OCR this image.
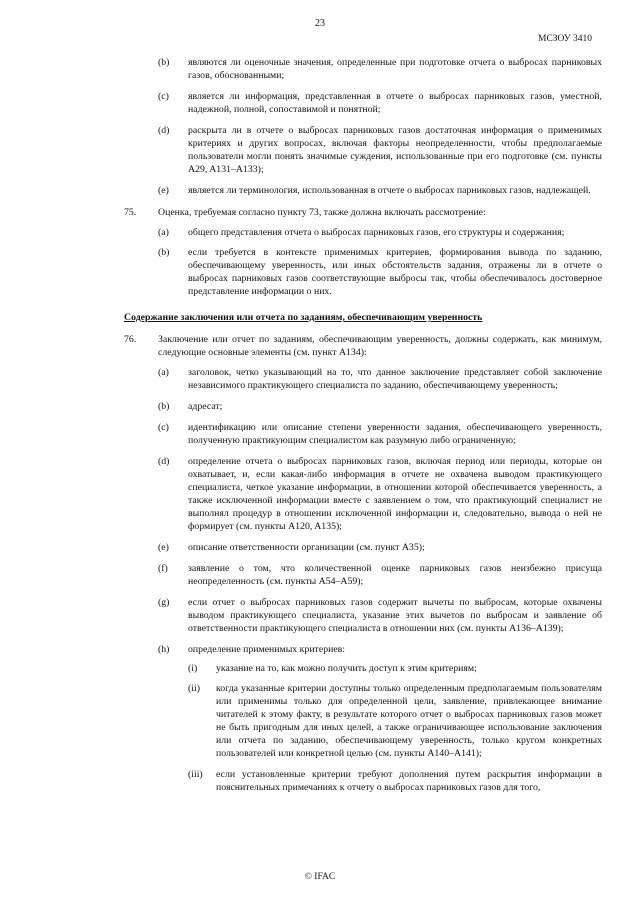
23
МСЗОУ 3410
(b) являются ли оценочные значения, определенные при подготовке отчета о выбросах парниковых газов, обоснованными;
(c) является ли информация, представленная в отчете о выбросах парниковых газов, уместной, надежной, полной, сопоставимой и понятной;
(d) раскрыта ли в отчете о выбросах парниковых газов достаточная информация о применимых критериях и других вопросах, включая факторы неопределенности, чтобы предполагаемые пользователи могли понять значимые суждения, использованные при его подготовке (см. пункты A29, A131–A133);
(e) является ли терминология, использованная в отчете о выбросах парниковых газов, надлежащей.
75. Оценка, требуемая согласно пункту 73, также должна включать рассмотрение:
(a) общего представления отчета о выбросах парниковых газов, его структуры и содержания;
(b) если требуется в контексте применимых критериев, формирования вывода по заданию, обеспечивающему уверенность, или иных обстоятельств задания, отражены ли в отчете о выбросах парниковых газов соответствующие выбросы так, чтобы обеспечивалось достоверное представление информации о них.
Содержание заключения или отчета по заданиям, обеспечивающим уверенность
76. Заключение или отчет по заданиям, обеспечивающим уверенность, должны содержать, как минимум, следующие основные элементы (см. пункт A134):
(a) заголовок, четко указывающий на то, что данное заключение представляет собой заключение независимого практикующего специалиста по заданию, обеспечивающему уверенность;
(b) адресат;
(c) идентификацию или описание степени уверенности задания, обеспечивающего уверенность, полученную практикующим специалистом как разумную либо ограниченную;
(d) определение отчета о выбросах парниковых газов, включая период или периоды, которые он охватывает, и, если какая-либо информация в отчете не охвачена выводом практикующего специалиста, четкое указание информации, в отношении которой обеспечивается уверенность, а также исключенной информации вместе с заявлением о том, что практикующий специалист не выполнял процедур в отношении исключенной информации и, следовательно, вывода о ней не формирует (см. пункты A120, A135);
(e) описание ответственности организации (см. пункт A35);
(f) заявление о том, что количественной оценке парниковых газов неизбежно присуща неопределенность (см. пункты A54–A59);
(g) если отчет о выбросах парниковых газов содержит вычеты по выбросам, которые охвачены выводом практикующего специалиста, указание этих вычетов по выбросам и заявление об ответственности практикующего специалиста в отношении них (см. пункты A136–A139);
(h) определение применимых критериев:
(i) указание на то, как можно получить доступ к этим критериям;
(ii) когда указанные критерии доступны только определенным предполагаемым пользователям или применимы только для определенной цели, заявление, привлекающее внимание читателей к этому факту, в результате которого отчет о выбросах парниковых газов может не быть пригодным для иных целей, а также ограничивающее использование заключения или отчета по заданию, обеспечивающему уверенность, только кругом конкретных пользователей или конкретной целью (см. пункты A140–A141);
(iii) если установленные критерии требуют дополнения путем раскрытия информации в пояснительных примечаниях к отчету о выбросах парниковых газов для того,
© IFAC
